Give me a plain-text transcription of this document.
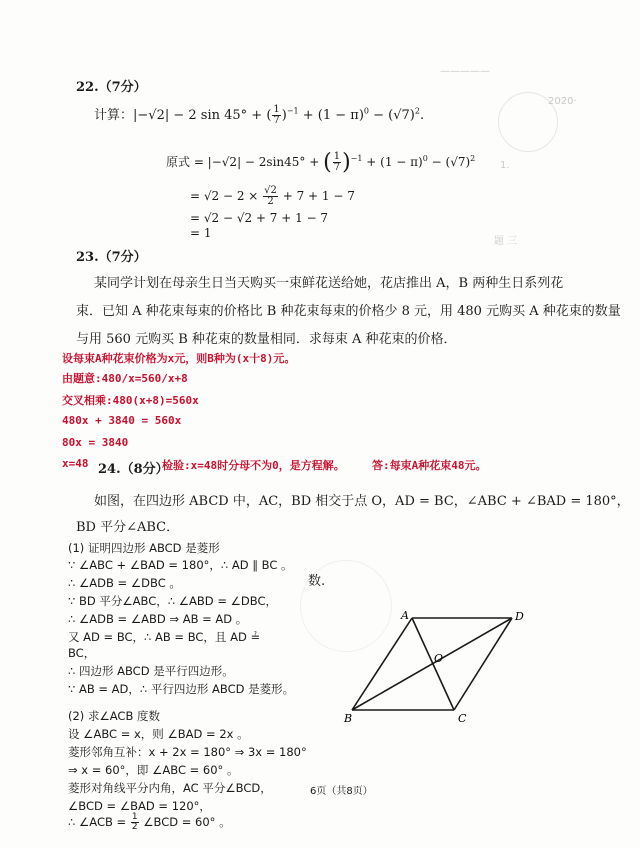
—————
2020·
1.
题 三
22.（7分）
计算：|−√2| − 2 sin 45° + ( $\frac{1}{7} )^{-1} + (1 - \pi)^0 - (√7)^2$.
原式 = |−√2| − 2sin45° + ( $\frac{1}{7} )^{-1} + (1 - \pi)^0 - (√7)^2$
= $√2 - 2 \times \frac{√2}{2} + 7 + 1 - 7$
= √2 − √2 + 7 + 1 − 7
= 1
23.（7分）
某同学计划在母亲生日当天购买一束鲜花送给她，花店推出 A，B 两种生日系列花
束．已知 A 种花束每束的价格比 B 种花束每束的价格少 8 元，用 480 元购买 A 种花束的数量
与用 560 元购买 B 种花束的数量相同．求每束 A 种花束的价格．
设每束A种花束价格为x元，则B种为(x十8)元。
由题意:480/x=560/x+8
交叉相乘:480(x+8)=560x
480x + 3840 = 560x
80x = 3840
x=48	检验:x=48时分母不为0，是方程解。 答:每束A种花束48元。
24.（8分）
如图，在四边形 ABCD 中，AC，BD 相交于点 O，AD = BC，∠ABC + ∠BAD = 180°，
BD 平分∠ABC．
(1) 证明四边形 ABCD 是菱形
∵ ∠ABC + ∠BAD = 180°，∴ AD ∥ BC 。
∴ ∠ADB = ∠DBC 。
∵ BD 平分∠ABC，∴ ∠ABD = ∠DBC，
∴ ∠ADB = ∠ABD ⇒ AB = AD 。
又 AD = BC，∴ AB = BC，且 AD ≟
BC，
∴ 四边形 ABCD 是平行四边形。
∵ AB = AD，∴ 平行四边形 ABCD 是菱形。
(2) 求∠ACB 度数
设 ∠ABC = x，则 ∠BAD = 2x 。
菱形邻角互补：x + 2x = 180° ⇒ 3x = 180°
⇒ x = 60°，即 ∠ABC = 60° 。
菱形对角线平分内角，AC 平分∠BCD，
∠BCD = ∠BAD = 120°，
∴ ∠ACB = $\frac{1}{2}$ ∠BCD = 60° 。
数.
A	D
O
B	C
6页（共8页）
